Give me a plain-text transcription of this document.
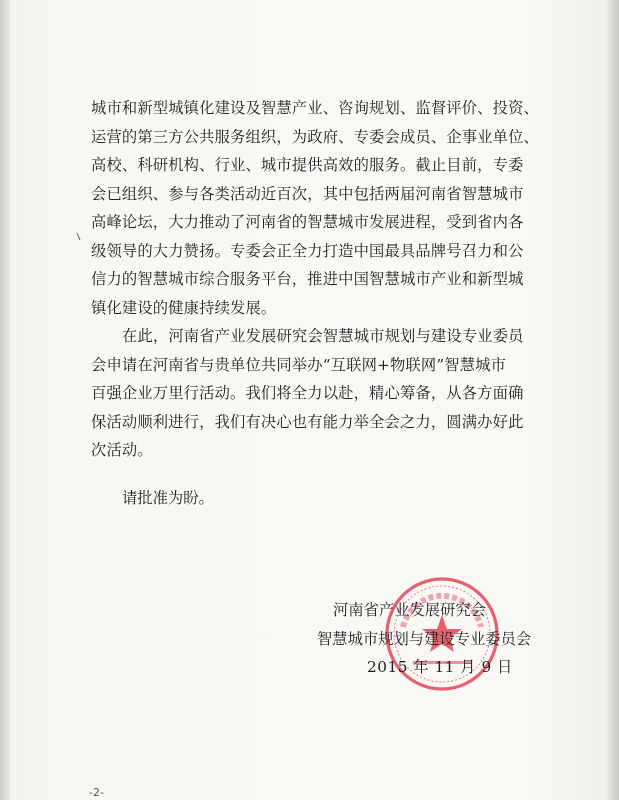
城市和新型城镇化建设及智慧产业、咨询规划、监督评价、投资、
运营的第三方公共服务组织，为政府、专委会成员、企事业单位、
高校、科研机构、行业、城市提供高效的服务。截止目前，专委
会已组织、参与各类活动近百次，其中包括两届河南省智慧城市
高峰论坛，大力推动了河南省的智慧城市发展进程，受到省内各
级领导的大力赞扬。专委会正全力打造中国最具品牌号召力和公
信力的智慧城市综合服务平台，推进中国智慧城市产业和新型城
镇化建设的健康持续发展。
在此，河南省产业发展研究会智慧城市规划与建设专业委员
会申请在河南省与贵单位共同举办“互联网+物联网”智慧城市
百强企业万里行活动。我们将全力以赴，精心筹备，从各方面确
保活动顺利进行，我们有决心也有能力举全会之力，圆满办好此
次活动。
请批准为盼。
河南省产业发展研究会
智慧城市规划与建设专业委员会
2015 年 11 月 9 日
-2-
